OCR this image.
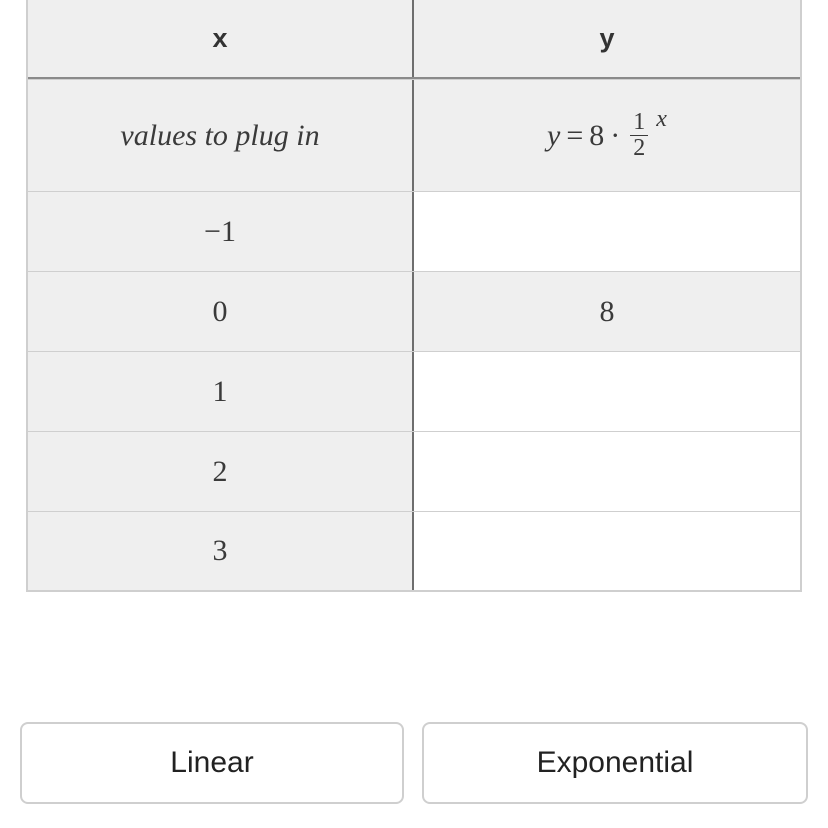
x	y
values to plug in	$y = 8 \cdot \frac{1}{2}$ x
−1
0	8
1
2
3
Linear	Exponential
